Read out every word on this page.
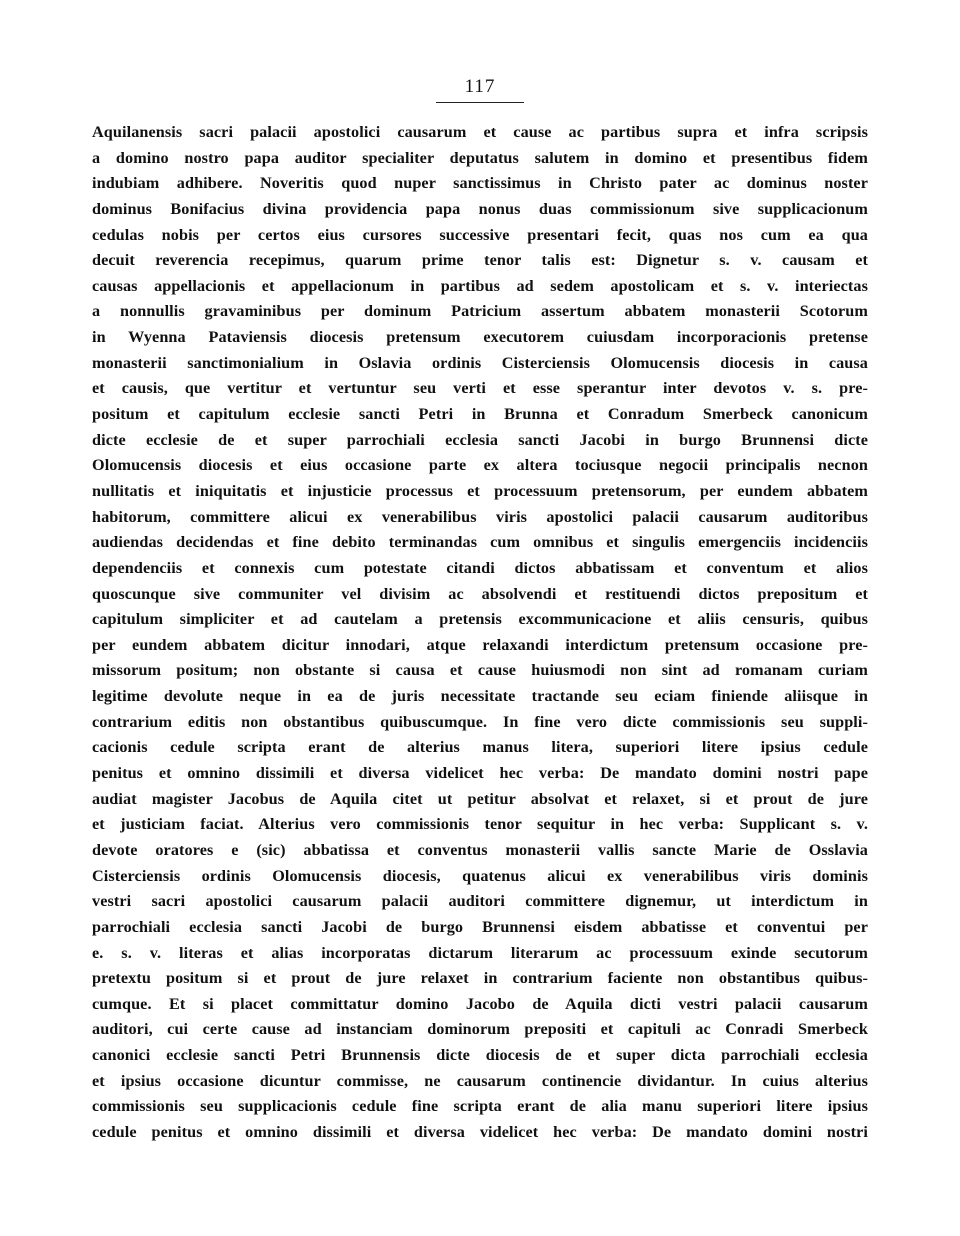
117
Aquilanensis sacri palacii apostolici causarum et cause ac partibus supra et infra scripsis
a domino nostro papa auditor specialiter deputatus salutem in domino et presentibus fidem
indubiam adhibere. Noveritis quod nuper sanctissimus in Christo pater ac dominus noster
dominus Bonifacius divina providencia papa nonus duas commissionum sive supplicacionum
cedulas nobis per certos eius cursores successive presentari fecit, quas nos cum ea qua
decuit reverencia recepimus, quarum prime tenor talis est: Dignetur s. v. causam et
causas appellacionis et appellacionum in partibus ad sedem apostolicam et s. v. interiectas
a nonnullis gravaminibus per dominum Patricium assertum abbatem monasterii Scotorum
in Wyenna Pataviensis diocesis pretensum executorem cuiusdam incorporacionis pretense
monasterii sanctimonialium in Oslavia ordinis Cisterciensis Olomucensis diocesis in causa
et causis, que vertitur et vertuntur seu verti et esse sperantur inter devotos v. s. pre-
positum et capitulum ecclesie sancti Petri in Brunna et Conradum Smerbeck canonicum
dicte ecclesie de et super parrochiali ecclesia sancti Jacobi in burgo Brunnensi dicte
Olomucensis diocesis et eius occasione parte ex altera tociusque negocii principalis necnon
nullitatis et iniquitatis et injusticie processus et processuum pretensorum, per eundem abbatem
habitorum, committere alicui ex venerabilibus viris apostolici palacii causarum auditoribus
audiendas decidendas et fine debito terminandas cum omnibus et singulis emergenciis incidenciis
dependenciis et connexis cum potestate citandi dictos abbatissam et conventum et alios
quoscunque sive communiter vel divisim ac absolvendi et restituendi dictos prepositum et
capitulum simpliciter et ad cautelam a pretensis excommunicacione et aliis censuris, quibus
per eundem abbatem dicitur innodari, atque relaxandi interdictum pretensum occasione pre-
missorum positum; non obstante si causa et cause huiusmodi non sint ad romanam curiam
legitime devolute neque in ea de juris necessitate tractande seu eciam finiende aliisque in
contrarium editis non obstantibus quibuscumque. In fine vero dicte commissionis seu suppli-
cacionis cedule scripta erant de alterius manus litera, superiori litere ipsius cedule
penitus et omnino dissimili et diversa videlicet hec verba: De mandato domini nostri pape
audiat magister Jacobus de Aquila citet ut petitur absolvat et relaxet, si et prout de jure
et justiciam faciat. Alterius vero commissionis tenor sequitur in hec verba: Supplicant s. v.
devote oratores e (sic) abbatissa et conventus monasterii vallis sancte Marie de Osslavia
Cisterciensis ordinis Olomucensis diocesis, quatenus alicui ex venerabilibus viris dominis
vestri sacri apostolici causarum palacii auditori committere dignemur, ut interdictum in
parrochiali ecclesia sancti Jacobi de burgo Brunnensi eisdem abbatisse et conventui per
e. s. v. literas et alias incorporatas dictarum literarum ac processuum exinde secutorum
pretextu positum si et prout de jure relaxet in contrarium faciente non obstantibus quibus-
cumque. Et si placet committatur domino Jacobo de Aquila dicti vestri palacii causarum
auditori, cui certe cause ad instanciam dominorum prepositi et capituli ac Conradi Smerbeck
canonici ecclesie sancti Petri Brunnensis dicte diocesis de et super dicta parrochiali ecclesia
et ipsius occasione dicuntur commisse, ne causarum continencie dividantur. In cuius alterius
commissionis seu supplicacionis cedule fine scripta erant de alia manu superiori litere ipsius
cedule penitus et omnino dissimili et diversa videlicet hec verba: De mandato domini nostri
